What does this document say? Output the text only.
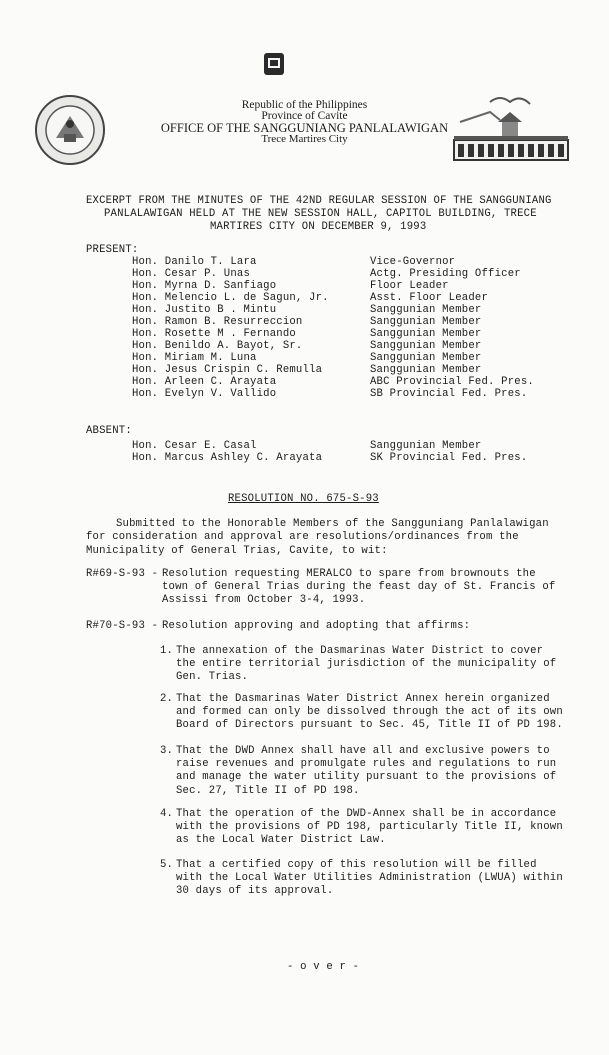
Republic of the Philippines
Province of Cavite
OFFICE OF THE SANGGUNIANG PANLALAWIGAN
Trece Martires City
EXCERPT FROM THE MINUTES OF THE 42ND REGULAR SESSION OF THE SANGGUNIANG
PANLALAWIGAN HELD AT THE NEW SESSION HALL, CAPITOL BUILDING, TRECE
MARTIRES CITY ON DECEMBER 9, 1993
PRESENT:
Hon. Danilo T. Lara	Vice-Governor
Hon. Cesar P. Unas	Actg. Presiding Officer
Hon. Myrna D. Sanfiago	Floor Leader
Hon. Melencio L. de Sagun, Jr.	Asst. Floor Leader
Hon. Justito B . Mintu	Sanggunian Member
Hon. Ramon B. Resurreccion	Sanggunian Member
Hon. Rosette M . Fernando	Sanggunian Member
Hon. Benildo A. Bayot, Sr.	Sanggunian Member
Hon. Miriam M. Luna	Sanggunian Member
Hon. Jesus Crispin C. Remulla	Sanggunian Member
Hon. Arleen C. Arayata	ABC Provincial Fed. Pres.
Hon. Evelyn V. Vallido	SB Provincial Fed. Pres.
ABSENT:
Hon. Cesar E. Casal	Sanggunian Member
Hon. Marcus Ashley C. Arayata	SK Provincial Fed. Pres.
RESOLUTION NO. 675-S-93
Submitted to the Honorable Members of the Sangguniang Panlalawigan for consideration and approval are resolutions/ordinances from the Municipality of General Trias, Cavite, to wit:
R#69-S-93 - Resolution requesting MERALCO to spare from brownouts the town of General Trias during the feast day of St. Francis of Assissi from October 3-4, 1993.
R#70-S-93 - Resolution approving and adopting that affirms:
1. The annexation of the Dasmarinas Water District to cover the entire territorial jurisdiction of the municipality of Gen. Trias.
2. That the Dasmarinas Water District Annex herein organized and formed can only be dissolved through the act of its own Board of Directors pursuant to Sec. 45, Title II of PD 198.
3. That the DWD Annex shall have all and exclusive powers to raise revenues and promulgate rules and regulations to run and manage the water utility pursuant to the provisions of Sec. 27, Title II of PD 198.
4. That the operation of the DWD-Annex shall be in accordance with the provisions of PD 198, particularly Title II, known as the Local Water District Law.
5. That a certified copy of this resolution will be filled with the Local Water Utilities Administration (LWUA) within 30 days of its approval.
- o v e r -
